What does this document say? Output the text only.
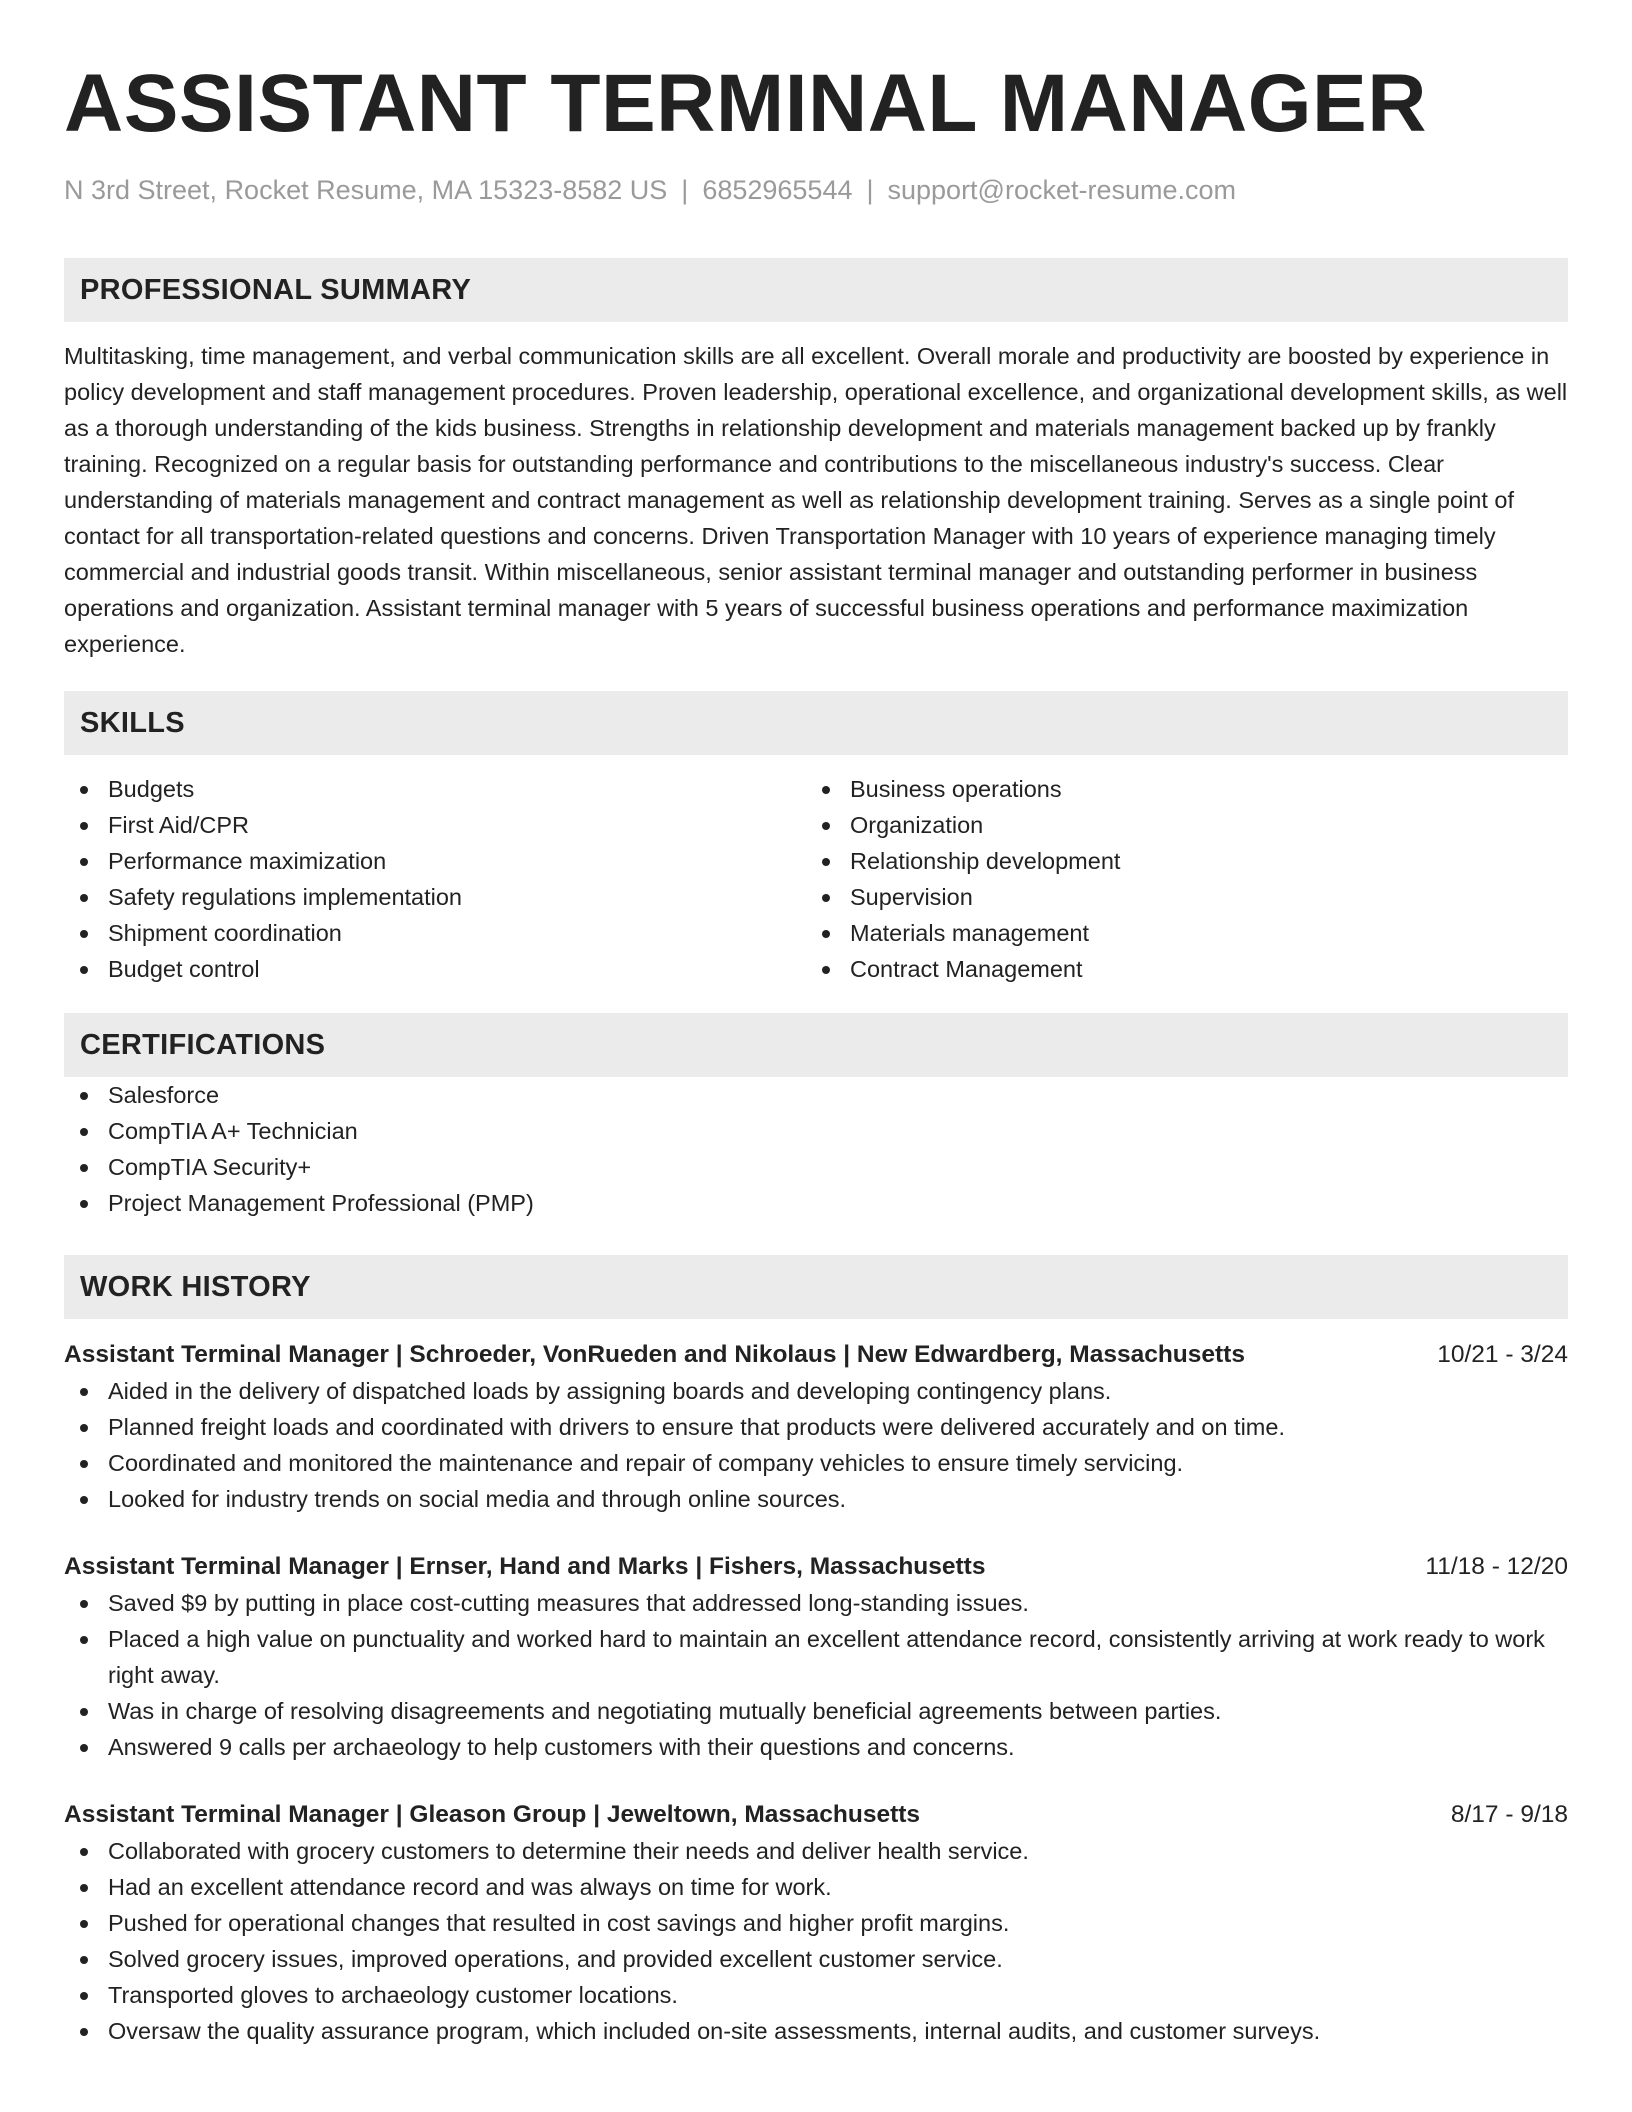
ASSISTANT TERMINAL MANAGER
N 3rd Street, Rocket Resume, MA 15323-8582 US | 6852965544 | support@rocket-resume.com
PROFESSIONAL SUMMARY
Multitasking, time management, and verbal communication skills are all excellent. Overall morale and productivity are boosted by experience in policy development and staff management procedures. Proven leadership, operational excellence, and organizational development skills, as well as a thorough understanding of the kids business. Strengths in relationship development and materials management backed up by frankly training. Recognized on a regular basis for outstanding performance and contributions to the miscellaneous industry's success. Clear understanding of materials management and contract management as well as relationship development training. Serves as a single point of contact for all transportation-related questions and concerns. Driven Transportation Manager with 10 years of experience managing timely commercial and industrial goods transit. Within miscellaneous, senior assistant terminal manager and outstanding performer in business operations and organization. Assistant terminal manager with 5 years of successful business operations and performance maximization experience.
SKILLS
Budgets
First Aid/CPR
Performance maximization
Safety regulations implementation
Shipment coordination
Budget control
Business operations
Organization
Relationship development
Supervision
Materials management
Contract Management
CERTIFICATIONS
Salesforce
CompTIA A+ Technician
CompTIA Security+
Project Management Professional (PMP)
WORK HISTORY
Assistant Terminal Manager | Schroeder, VonRueden and Nikolaus | New Edwardberg, Massachusetts	10/21 - 3/24
Aided in the delivery of dispatched loads by assigning boards and developing contingency plans.
Planned freight loads and coordinated with drivers to ensure that products were delivered accurately and on time.
Coordinated and monitored the maintenance and repair of company vehicles to ensure timely servicing.
Looked for industry trends on social media and through online sources.
Assistant Terminal Manager | Ernser, Hand and Marks | Fishers, Massachusetts	11/18 - 12/20
Saved $9 by putting in place cost-cutting measures that addressed long-standing issues.
Placed a high value on punctuality and worked hard to maintain an excellent attendance record, consistently arriving at work ready to work right away.
Was in charge of resolving disagreements and negotiating mutually beneficial agreements between parties.
Answered 9 calls per archaeology to help customers with their questions and concerns.
Assistant Terminal Manager | Gleason Group | Jeweltown, Massachusetts	8/17 - 9/18
Collaborated with grocery customers to determine their needs and deliver health service.
Had an excellent attendance record and was always on time for work.
Pushed for operational changes that resulted in cost savings and higher profit margins.
Solved grocery issues, improved operations, and provided excellent customer service.
Transported gloves to archaeology customer locations.
Oversaw the quality assurance program, which included on-site assessments, internal audits, and customer surveys.
